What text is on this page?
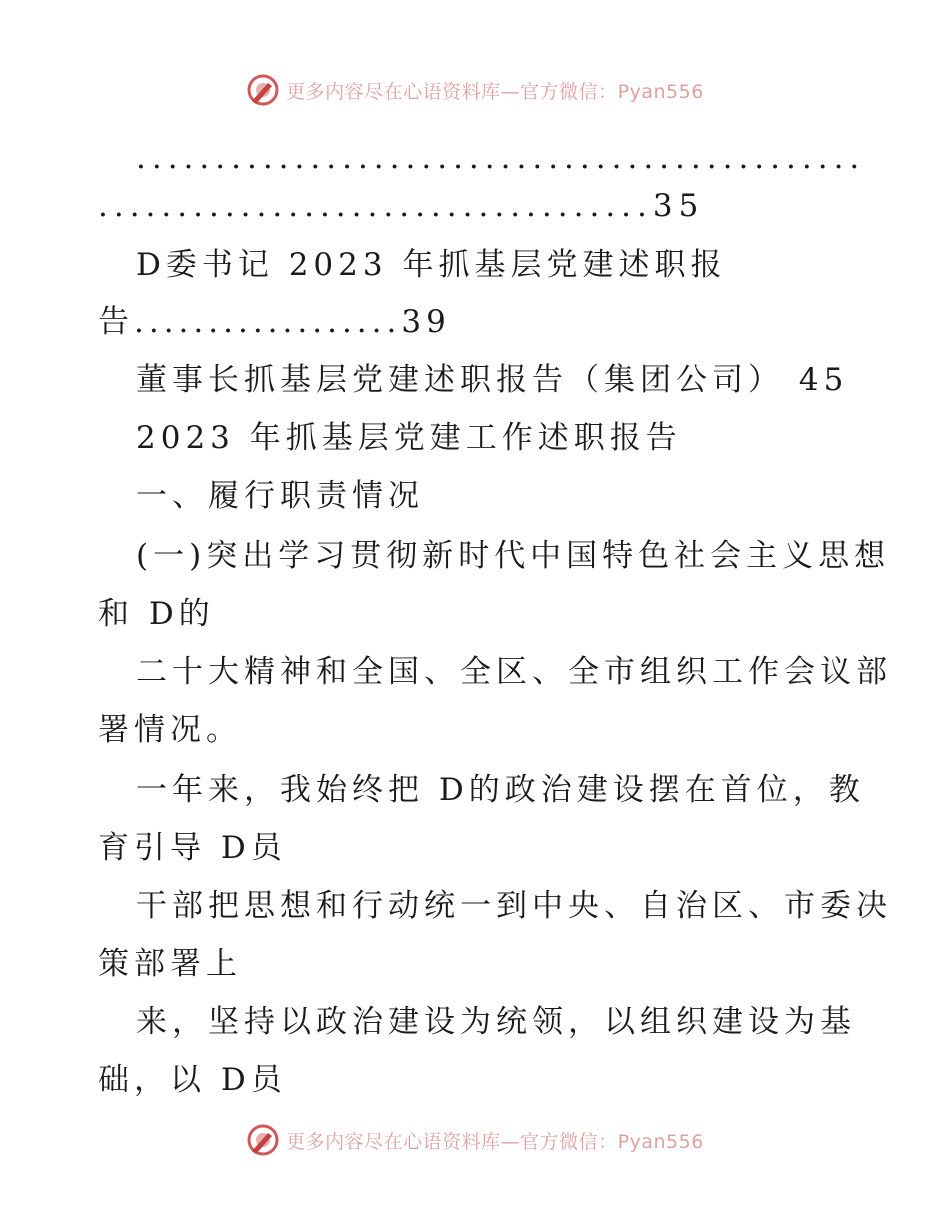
更多内容尽在心语资料库—官方微信：Pyan556
..............................................
...................................35
D委书记 2023 年抓基层党建述职报
告..................39
董事长抓基层党建述职报告（集团公司） 45
2023 年抓基层党建工作述职报告
一、履行职责情况
(一)突出学习贯彻新时代中国特色社会主义思想
和 D的
二十大精神和全国、全区、全市组织工作会议部
署情况。
一年来，我始终把 D的政治建设摆在首位，教
育引导 D员
干部把思想和行动统一到中央、自治区、市委决
策部署上
来，坚持以政治建设为统领，以组织建设为基
础，以 D员
更多内容尽在心语资料库—官方微信：Pyan556
